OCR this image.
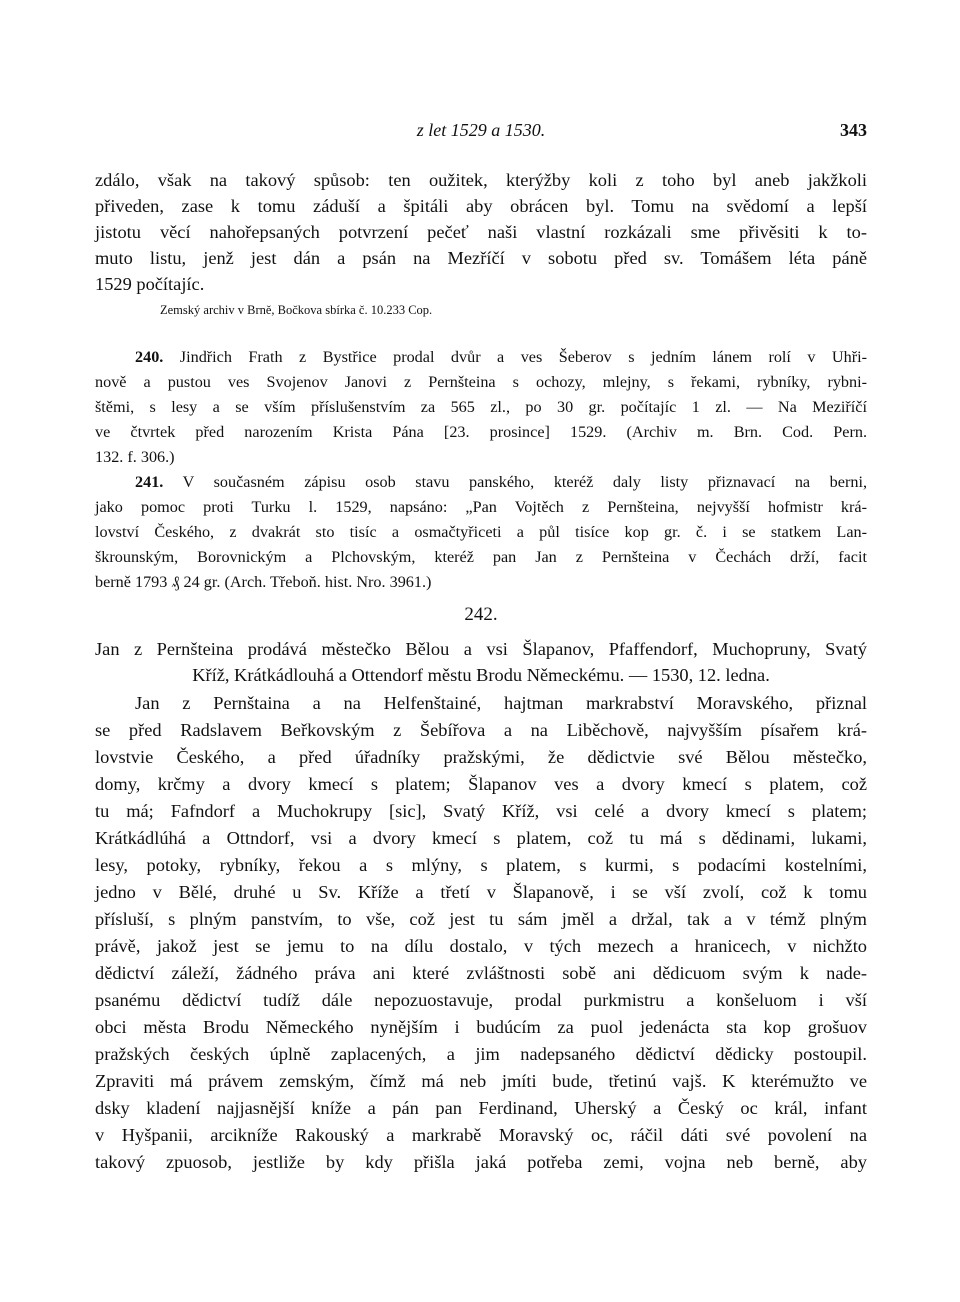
z let 1529 a 1530.	343
zdálo, však na takový spůsob: ten oužitek, kterýžby koli z toho byl aneb jakžkoli
přiveden, zase k tomu záduší a špitáli aby obrácen byl. Tomu na svědomí a lepší
jistotu věcí nahořepsaných potvrzení pečeť naši vlastní rozkázali sme přivěsiti k to-
muto listu, jenž jest dán a psán na Mezříčí v sobotu před sv. Tomášem léta páně
1529 počítajíc.
Zemský archiv v Brně, Bočkova sbírka č. 10.233 Cop.
240. Jindřich Frath z Bystřice prodal dvůr a ves Šeberov s jedním lánem rolí v Uhři-
nově a pustou ves Svojenov Janovi z Pernšteina s ochozy, mlejny, s řekami, rybníky, rybni-
štěmi, s lesy a se vším příslušenstvím za 565 zl., po 30 gr. počítajíc 1 zl. — Na Meziříčí
ve čtvrtek před narozením Krista Pána [23. prosince] 1529. (Archiv m. Brn. Cod. Pern.
132. f. 306.)
241. V současném zápisu osob stavu panského, kteréž daly listy přiznavací na berni,
jako pomoc proti Turku l. 1529, napsáno: „Pan Vojtěch z Pernšteina, nejvyšší hofmistr krá-
lovství Českého, z dvakrát sto tisíc a osmačtyřiceti a půl tisíce kop gr. č. i se statkem Lan-
škrounským, Borovnickým a Plchovským, kteréž pan Jan z Pernšteina v Čechách drží, facit
berně 1793 ₰ 24 gr. (Arch. Třeboň. hist. Nro. 3961.)
242.
Jan z Pernšteina prodává městečko Bělou a vsi Šlapanov, Pfaffendorf, Muchopruny, Svatý
Kříž, Krátkádlouhá a Ottendorf městu Brodu Německému. — 1530, 12. ledna.
Jan z Pernštaina a na Helfenštainé, hajtman markrabství Moravského, přiznal
se před Radslavem Beřkovským z Šebířova a na Liběchově, najvyšším písařem krá-
lovstvie Českého, a před úřadníky pražskými, že dědictvie své Bělou městečko,
domy, krčmy a dvory kmecí s platem; Šlapanov ves a dvory kmecí s platem, což
tu má; Fafndorf a Muchokrupy [sic], Svatý Kříž, vsi celé a dvory kmecí s platem;
Krátkádlúhá a Ottndorf, vsi a dvory kmecí s platem, což tu má s dědinami, lukami,
lesy, potoky, rybníky, řekou a s mlýny, s platem, s kurmi, s podacími kostelními,
jedno v Bělé, druhé u Sv. Kříže a třetí v Šlapanově, i se vší zvolí, což k tomu
přísluší, s plným panstvím, to vše, což jest tu sám jměl a držal, tak a v témž plným
právě, jakož jest se jemu to na dílu dostalo, v tých mezech a hranicech, v nichžto
dědictví záleží, žádného práva ani které zvláštnosti sobě ani dědicuom svým k nade-
psanému dědictví tudíž dále nepozuostavuje, prodal purkmistru a konšeluom i vší
obci města Brodu Německého nynějším i budúcím za puol jedenácta sta kop grošuov
pražských českých úplně zaplacených, a jim nadepsaného dědictví dědicky postoupil.
Zpraviti má právem zemským, čímž má neb jmíti bude, třetinú vajš. K kterémužto ve
dsky kladení najjasnější kníže a pán pan Ferdinand, Uherský a Český oc král, infant
v Hyšpanii, arcikníže Rakouský a markrabě Moravský oc, ráčil dáti své povolení na
takový zpuosob, jestliže by kdy přišla jaká potřeba zemi, vojna neb berně, aby
